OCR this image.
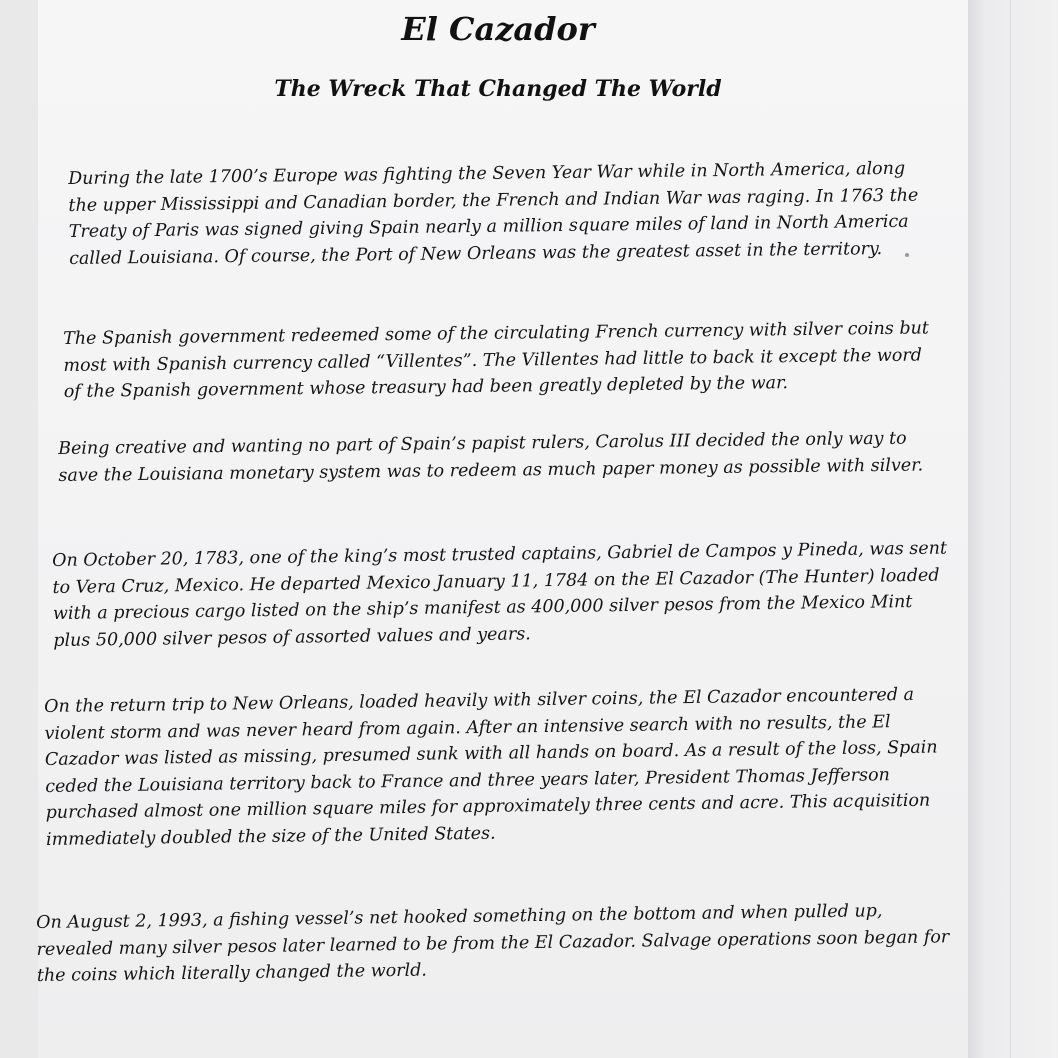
El Cazador
The Wreck That Changed The World

During the late 1700’s Europe was fighting the Seven Year War while in North America, along the upper Mississippi and Canadian border, the French and Indian War was raging. In 1763 the Treaty of Paris was signed giving Spain nearly a million square miles of land in North America called Louisiana. Of course, the Port of New Orleans was the greatest asset in the territory.

The Spanish government redeemed some of the circulating French currency with silver coins but most with Spanish currency called “Villentes”. The Villentes had little to back it except the word of the Spanish government whose treasury had been greatly depleted by the war.

Being creative and wanting no part of Spain’s papist rulers, Carolus III decided the only way to save the Louisiana monetary system was to redeem as much paper money as possible with silver.

On October 20, 1783, one of the king’s most trusted captains, Gabriel de Campos y Pineda, was sent to Vera Cruz, Mexico. He departed Mexico January 11, 1784 on the El Cazador (The Hunter) loaded with a precious cargo listed on the ship’s manifest as 400,000 silver pesos from the Mexico Mint plus 50,000 silver pesos of assorted values and years.

On the return trip to New Orleans, loaded heavily with silver coins, the El Cazador encountered a violent storm and was never heard from again. After an intensive search with no results, the El Cazador was listed as missing, presumed sunk with all hands on board. As a result of the loss, Spain ceded the Louisiana territory back to France and three years later, President Thomas Jefferson purchased almost one million square miles for approximately three cents and acre. This acquisition immediately doubled the size of the United States.

On August 2, 1993, a fishing vessel’s net hooked something on the bottom and when pulled up, revealed many silver pesos later learned to be from the El Cazador. Salvage operations soon began for the coins which literally changed the world.
